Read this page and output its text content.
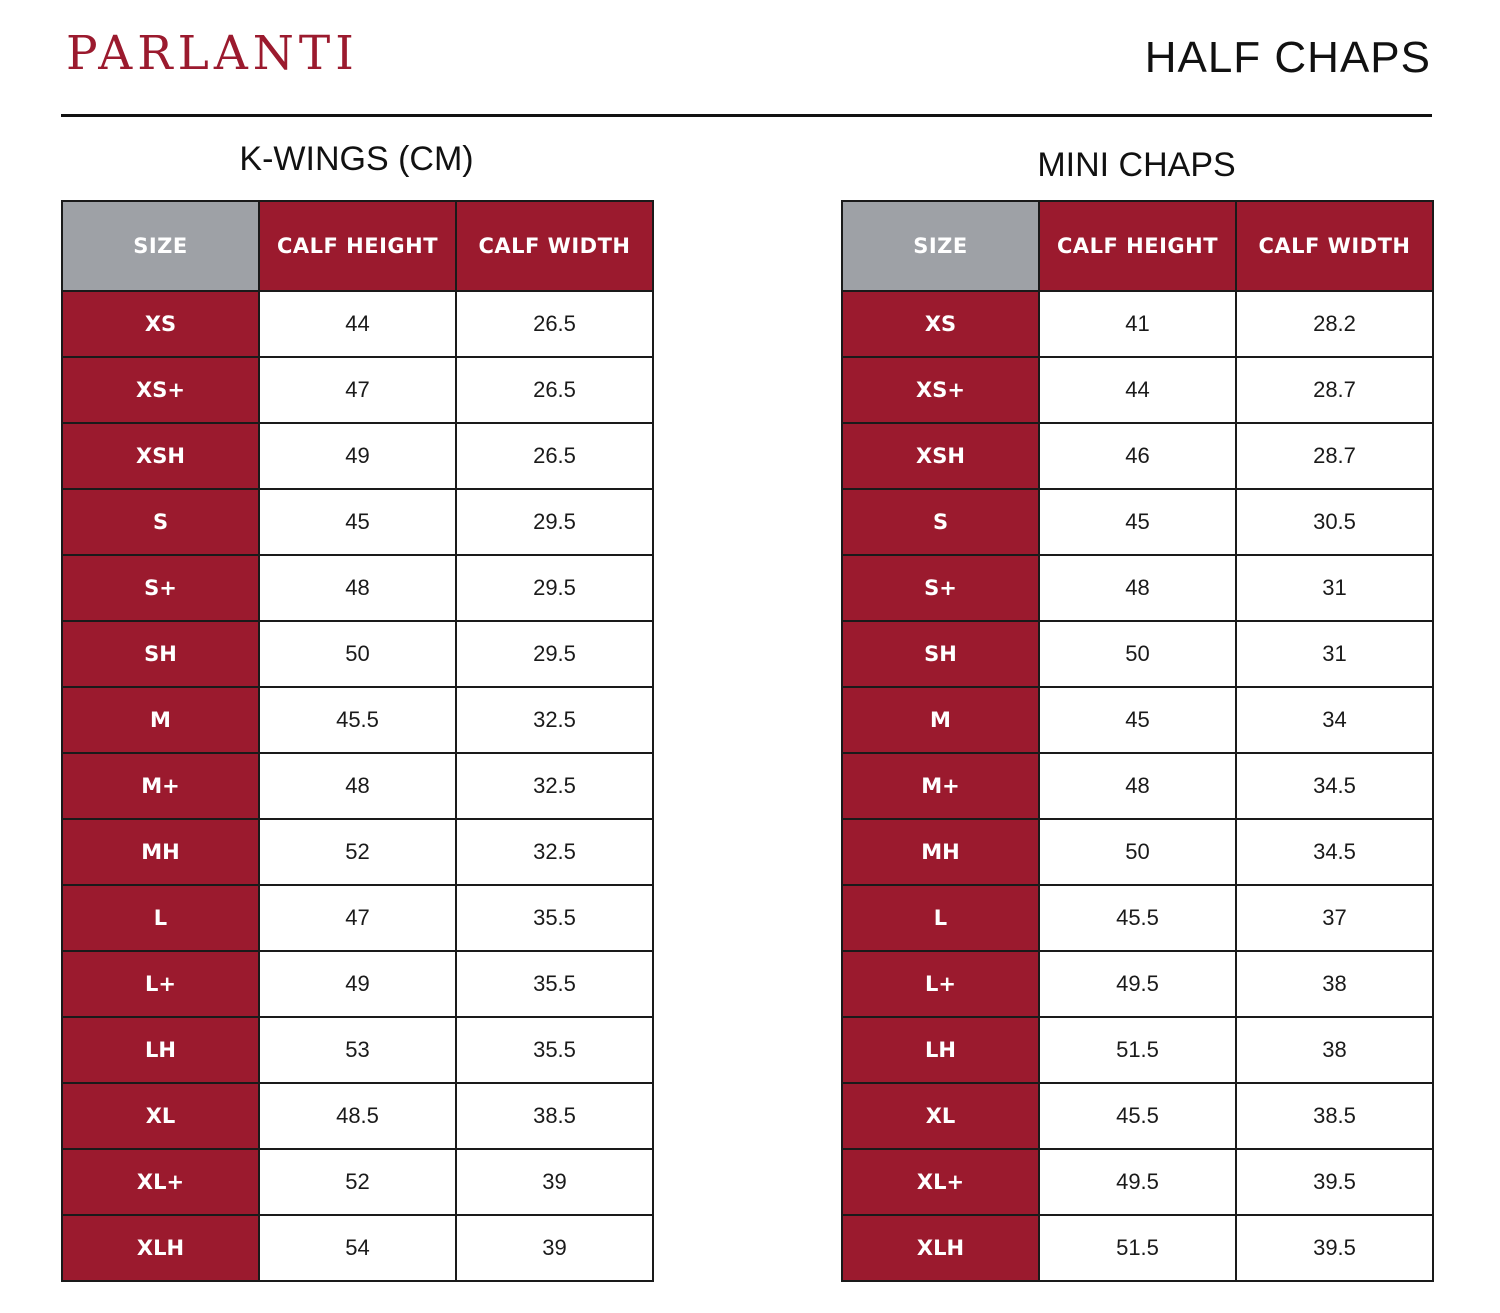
PARLANTI	HALF CHAPS
K-WINGS (CM)	MINI CHAPS
SIZE	CALF HEIGHT	CALF WIDTH
XS	44	26.5
XS+	47	26.5
XSH	49	26.5
S	45	29.5
S+	48	29.5
SH	50	29.5
M	45.5	32.5
M+	48	32.5
MH	52	32.5
L	47	35.5
L+	49	35.5
LH	53	35.5
XL	48.5	38.5
XL+	52	39
XLH	54	39
SIZE	CALF HEIGHT	CALF WIDTH
XS	41	28.2
XS+	44	28.7
XSH	46	28.7
S	45	30.5
S+	48	31
SH	50	31
M	45	34
M+	48	34.5
MH	50	34.5
L	45.5	37
L+	49.5	38
LH	51.5	38
XL	45.5	38.5
XL+	49.5	39.5
XLH	51.5	39.5
